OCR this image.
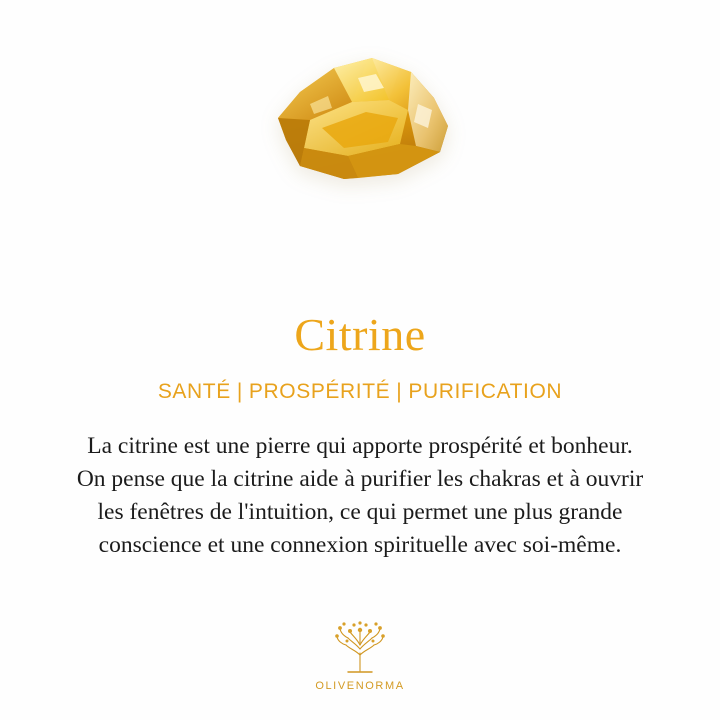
Citrine
SANTÉ | PROSPÉRITÉ | PURIFICATION
La citrine est une pierre qui apporte prospérité et bonheur.
On pense que la citrine aide à purifier les chakras et à ouvrir
les fenêtres de l'intuition, ce qui permet une plus grande
conscience et une connexion spirituelle avec soi-même.
OLIVENORMA
